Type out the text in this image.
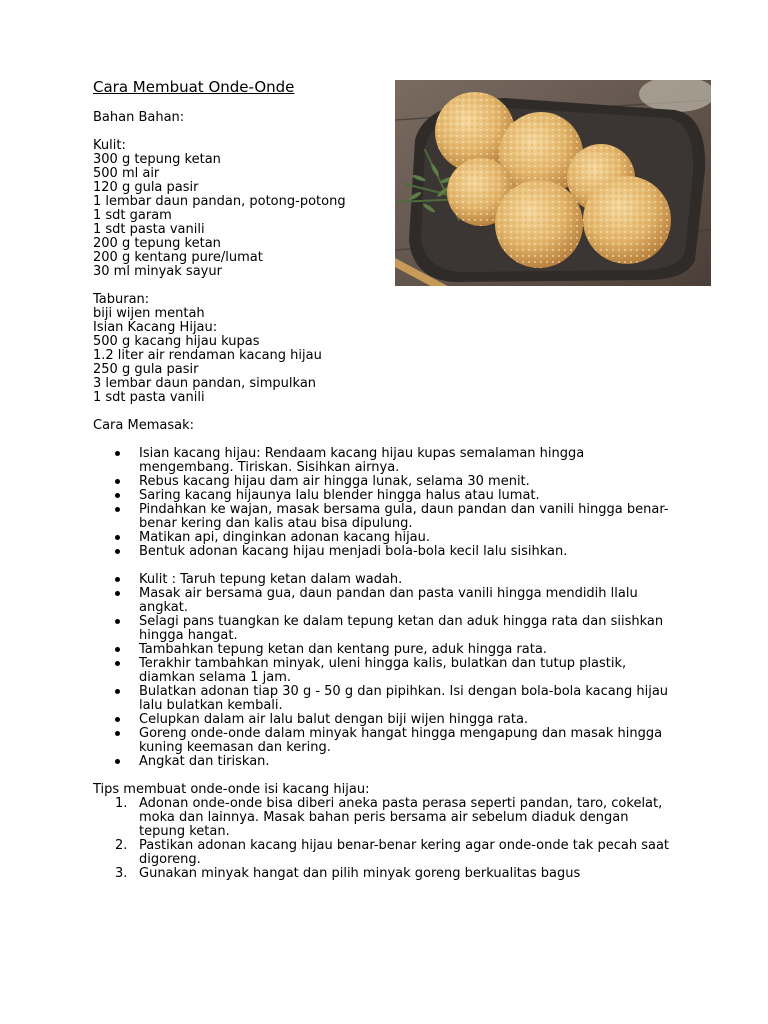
Cara Membuat Onde-Onde
Bahan Bahan:
Kulit:
300 g tepung ketan
500 ml air
120 g gula pasir
1 lembar daun pandan, potong-potong
1 sdt garam
1 sdt pasta vanili
200 g tepung ketan
200 g kentang pure/lumat
30 ml minyak sayur
Taburan:
biji wijen mentah
Isian Kacang Hijau:
500 g kacang hijau kupas
1.2 liter air rendaman kacang hijau
250 g gula pasir
3 lembar daun pandan, simpulkan
1 sdt pasta vanili
Cara Memasak:
Isian kacang hijau: Rendaam kacang hijau kupas semalaman hingga mengembang. Tiriskan. Sisihkan airnya.
Rebus kacang hijau dam air hingga lunak, selama 30 menit.
Saring kacang hijaunya lalu blender hingga halus atau lumat.
Pindahkan ke wajan, masak bersama gula, daun pandan dan vanili hingga benar-benar kering dan kalis atau bisa dipulung.
Matikan api, dinginkan adonan kacang hijau.
Bentuk adonan kacang hijau menjadi bola-bola kecil lalu sisihkan.
Kulit : Taruh tepung ketan dalam wadah.
Masak air bersama gua, daun pandan dan pasta vanili hingga mendidih llalu angkat.
Selagi pans tuangkan ke dalam tepung ketan dan aduk hingga rata dan siishkan hingga hangat.
Tambahkan tepung ketan dan kentang pure, aduk hingga rata.
Terakhir tambahkan minyak, uleni hingga kalis, bulatkan dan tutup plastik, diamkan selama 1 jam.
Bulatkan adonan tiap 30 g - 50 g dan pipihkan. Isi dengan bola-bola kacang hijau lalu bulatkan kembali.
Celupkan dalam air lalu balut dengan biji wijen hingga rata.
Goreng onde-onde dalam minyak hangat hingga mengapung dan masak hingga kuning keemasan dan kering.
Angkat dan tiriskan.
Tips membuat onde-onde isi kacang hijau:
1. Adonan onde-onde bisa diberi aneka pasta perasa seperti pandan, taro, cokelat, moka dan lainnya. Masak bahan peris bersama air sebelum diaduk dengan tepung ketan.
2. Pastikan adonan kacang hijau benar-benar kering agar onde-onde tak pecah saat digoreng.
3. Gunakan minyak hangat dan pilih minyak goreng berkualitas bagus
